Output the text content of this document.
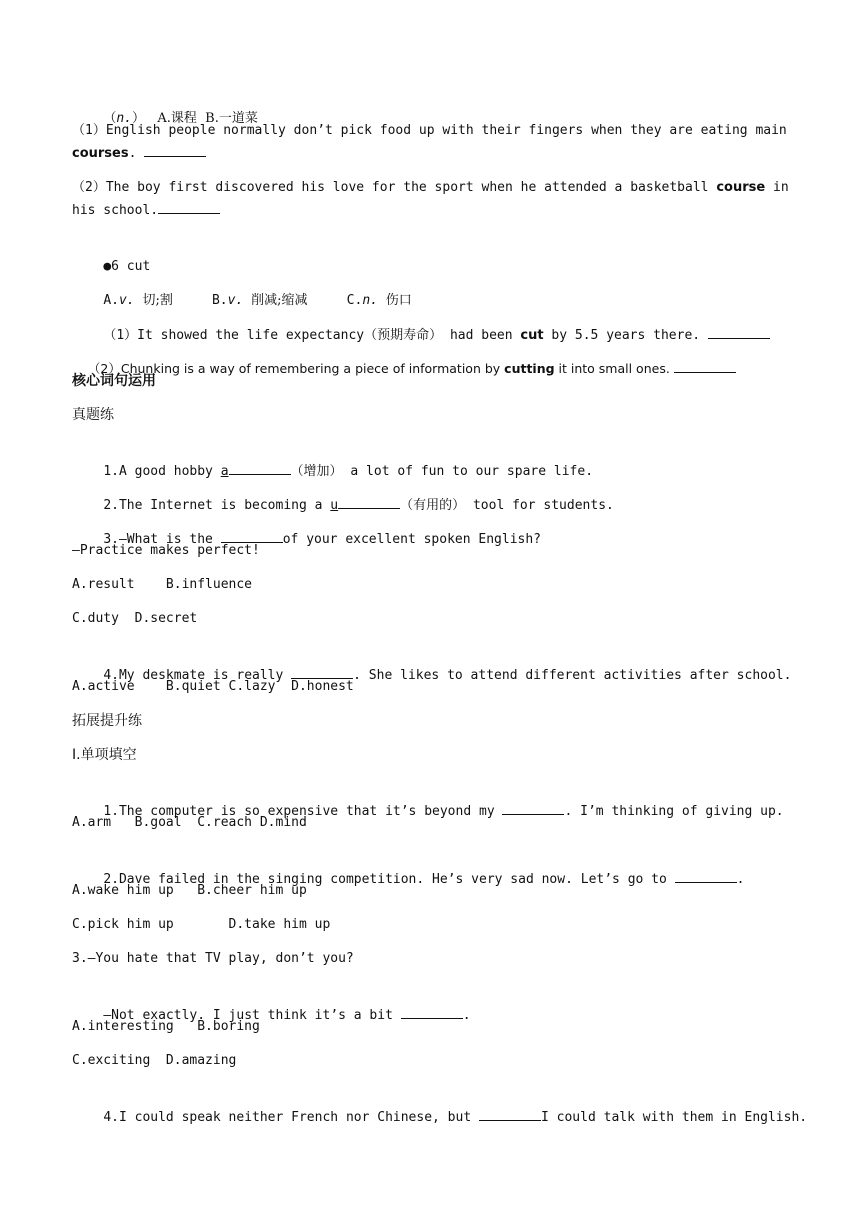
（n.）   A.课程  B.一道菜

（1）English people normally don’t pick food up with their fingers when they are eating main courses.
（2）The boy first discovered his love for the sport when he attended a basketball course in his school.

●6 cut

A.v. 切;割	B.v. 削减;缩减	C.n. 伤口

（1）It showed the life expectancy（预期寿命） had been cut by 5.5 years there.

（2）Chunking is a way of remembering a piece of information by cutting it into small ones.

核心词句运用
真题练

1.A good hobby a	（增加） a lot of fun to our spare life.

2.The Internet is becoming a u	（有用的） tool for students.

3.—What is the	of your excellent spoken English?

—Practice makes perfect!
A.result    B.influence
C.duty  D.secret

4.My deskmate is really	. She likes to attend different activities after school.

A.active    B.quiet C.lazy  D.honest
拓展提升练
Ⅰ.单项填空

1.The computer is so expensive that it’s beyond my	. I’m thinking of giving up.

A.arm   B.goal  C.reach D.mind

2.Dave failed in the singing competition. He’s very sad now. Let’s go to	.

A.wake him up   B.cheer him up
C.pick him up       D.take him up
3.—You hate that TV play, don’t you?

—Not exactly. I just think it’s a bit	.

A.interesting   B.boring
C.exciting  D.amazing

4.I could speak neither French nor Chinese, but	I could talk with them in English.
